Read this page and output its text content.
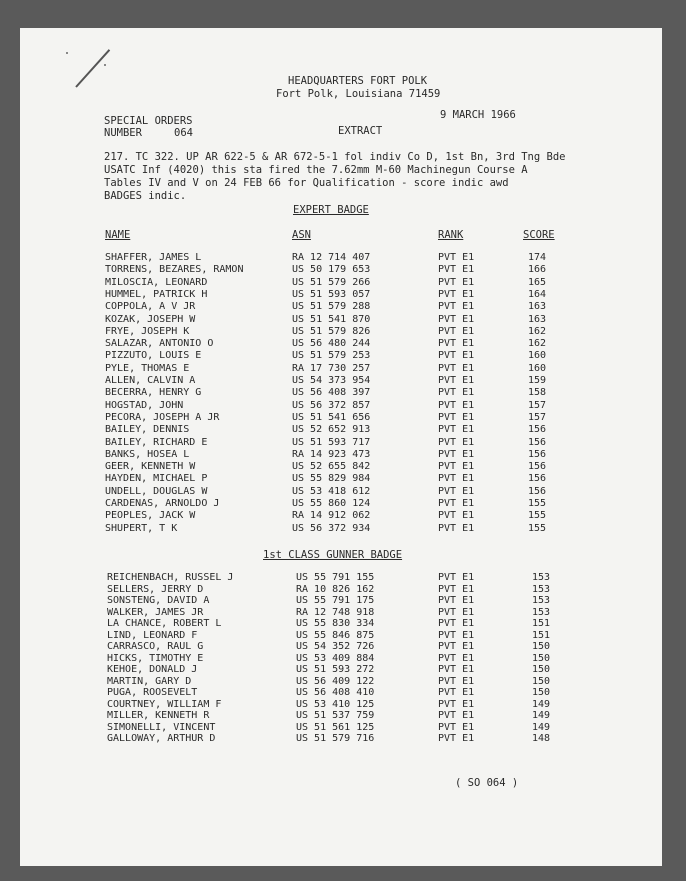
HEADQUARTERS FORT POLK
Fort Polk, Louisiana 71459
SPECIAL ORDERS
NUMBER	064
9 MARCH 1966
EXTRACT
217. TC 322. UP AR 622-5 & AR 672-5-1 fol indiv Co D, 1st Bn, 3rd Tng Bde
USATC Inf (4020) this sta fired the 7.62mm M-60 Machinegun Course A
Tables IV and V on 24 FEB 66 for Qualification - score indic awd
BADGES indic.
EXPERT BADGE
NAME	ASN	RANK	SCORE
SHAFFER, JAMES L	RA 12 714 407	PVT E1	174
TORRENS, BEZARES, RAMON	US 50 179 653	PVT E1	166
MILOSCIA, LEONARD	US 51 579 266	PVT E1	165
HUMMEL, PATRICK H	US 51 593 057	PVT E1	164
COPPOLA, A V JR	US 51 579 288	PVT E1	163
KOZAK, JOSEPH W	US 51 541 870	PVT E1	163
FRYE, JOSEPH K	US 51 579 826	PVT E1	162
SALAZAR, ANTONIO O	US 56 480 244	PVT E1	162
PIZZUTO, LOUIS E	US 51 579 253	PVT E1	160
PYLE, THOMAS E	RA 17 730 257	PVT E1	160
ALLEN, CALVIN A	US 54 373 954	PVT E1	159
BECERRA, HENRY G	US 56 408 397	PVT E1	158
HOGSTAD, JOHN	US 56 372 857	PVT E1	157
PECORA, JOSEPH A JR	US 51 541 656	PVT E1	157
BAILEY, DENNIS	US 52 652 913	PVT E1	156
BAILEY, RICHARD E	US 51 593 717	PVT E1	156
BANKS, HOSEA L	RA 14 923 473	PVT E1	156
GEER, KENNETH W	US 52 655 842	PVT E1	156
HAYDEN, MICHAEL P	US 55 829 984	PVT E1	156
UNDELL, DOUGLAS W	US 53 418 612	PVT E1	156
CARDENAS, ARNOLDO J	US 55 860 124	PVT E1	155
PEOPLES, JACK W	RA 14 912 062	PVT E1	155
SHUPERT, T K	US 56 372 934	PVT E1	155
1st CLASS GUNNER BADGE
REICHENBACH, RUSSEL J	US 55 791 155	PVT E1	153
SELLERS, JERRY D	RA 10 826 162	PVT E1	153
SONSTENG, DAVID A	US 55 791 175	PVT E1	153
WALKER, JAMES JR	RA 12 748 918	PVT E1	153
LA CHANCE, ROBERT L	US 55 830 334	PVT E1	151
LIND, LEONARD F	US 55 846 875	PVT E1	151
CARRASCO, RAUL G	US 54 352 726	PVT E1	150
HICKS, TIMOTHY E	US 53 409 884	PVT E1	150
KEHOE, DONALD J	US 51 593 272	PVT E1	150
MARTIN, GARY D	US 56 409 122	PVT E1	150
PUGA, ROOSEVELT	US 56 408 410	PVT E1	150
COURTNEY, WILLIAM F	US 53 410 125	PVT E1	149
MILLER, KENNETH R	US 51 537 759	PVT E1	149
SIMONELLI, VINCENT	US 51 561 125	PVT E1	149
GALLOWAY, ARTHUR D	US 51 579 716	PVT E1	148
( SO 064 )
